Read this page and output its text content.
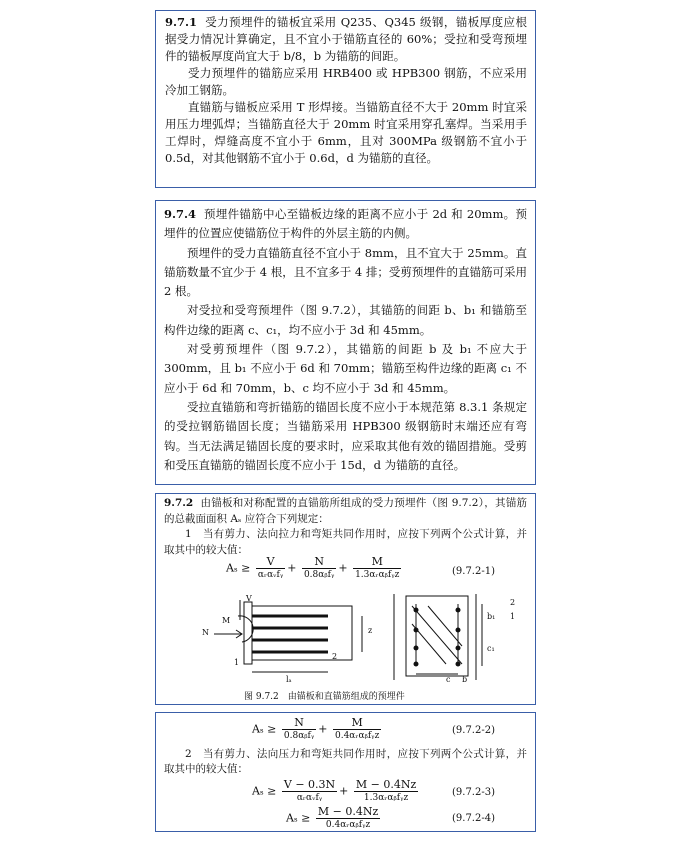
9.7.1 受力预埋件的锚板宜采用 Q235、Q345 级钢，锚板厚度应根据受力情况计算确定，且不宜小于锚筋直径的 60%；受拉和受弯预埋件的锚板厚度尚宜大于 b/8，b 为锚筋的间距。

受力预埋件的锚筋应采用 HRB400 或 HPB300 钢筋，不应采用冷加工钢筋。

直锚筋与锚板应采用 T 形焊接。当锚筋直径不大于 20mm 时宜采用压力埋弧焊；当锚筋直径大于 20mm 时宜采用穿孔塞焊。当采用手工焊时，焊缝高度不宜小于 6mm，且对 300MPa 级钢筋不宜小于 0.5d，对其他钢筋不宜小于 0.6d，d 为锚筋的直径。

9.7.4 预埋件锚筋中心至锚板边缘的距离不应小于 2d 和 20mm。预埋件的位置应使锚筋位于构件的外层主筋的内侧。

预埋件的受力直锚筋直径不宜小于 8mm，且不宜大于 25mm。直锚筋数量不宜少于 4 根，且不宜多于 4 排；受剪预埋件的直锚筋可采用 2 根。

对受拉和受弯预埋件（图 9.7.2），其锚筋的间距 b、b₁ 和锚筋至构件边缘的距离 c、c₁，均不应小于 3d 和 45mm。

对受剪预埋件（图 9.7.2），其锚筋的间距 b 及 b₁ 不应大于 300mm，且 b₁ 不应小于 6d 和 70mm；锚筋至构件边缘的距离 c₁ 不应小于 6d 和 70mm，b、c 均不应小于 3d 和 45mm。

受拉直锚筋和弯折锚筋的锚固长度不应小于本规范第 8.3.1 条规定的受拉钢筋锚固长度；当锚筋采用 HPB300 级钢筋时末端还应有弯钩。当无法满足锚固长度的要求时，应采取其他有效的锚固措施。受剪和受压直锚筋的锚固长度不应小于 15d，d 为锚筋的直径。

9.7.2 由锚板和对称配置的直锚筋所组成的受力预埋件（图 9.7.2），其锚筋的总截面面积 Aₛ 应符合下列规定：

1　当有剪力、法向拉力和弯矩共同作用时，应按下列两个公式计算，并取其中的较大值：

$A_s \ge \frac{V}{\text{αᵣαᵥfᵧ}} + \frac{N}{\text{0.8αᵦfᵧ}} + \frac{M}{\text{1.3αᵣαᵦfᵧz}}$	(9.7.2-1)
M
N
V
z
1
2
lₐ	c b
b₁
c₁
2
1
图 9.7.2　由锚板和直锚筋组成的预埋件
$A_s \ge \frac{N}{\text{0.8αᵦfᵧ}} + \frac{M}{\text{0.4αᵣαᵦfᵧz}}$	(9.7.2-2)

2　当有剪力、法向压力和弯矩共同作用时，应按下列两个公式计算，并取其中的较大值：

$A_s \ge \frac{V - 0.3N}{\text{αᵣαᵥfᵧ}} + \frac{M - 0.4Nz}{\text{1.3αᵣαᵦfᵧz}}$	(9.7.2-3)
$A_s \ge \frac{M - 0.4Nz}{\text{0.4αᵣαᵦfᵧz}}$	(9.7.2-4)
